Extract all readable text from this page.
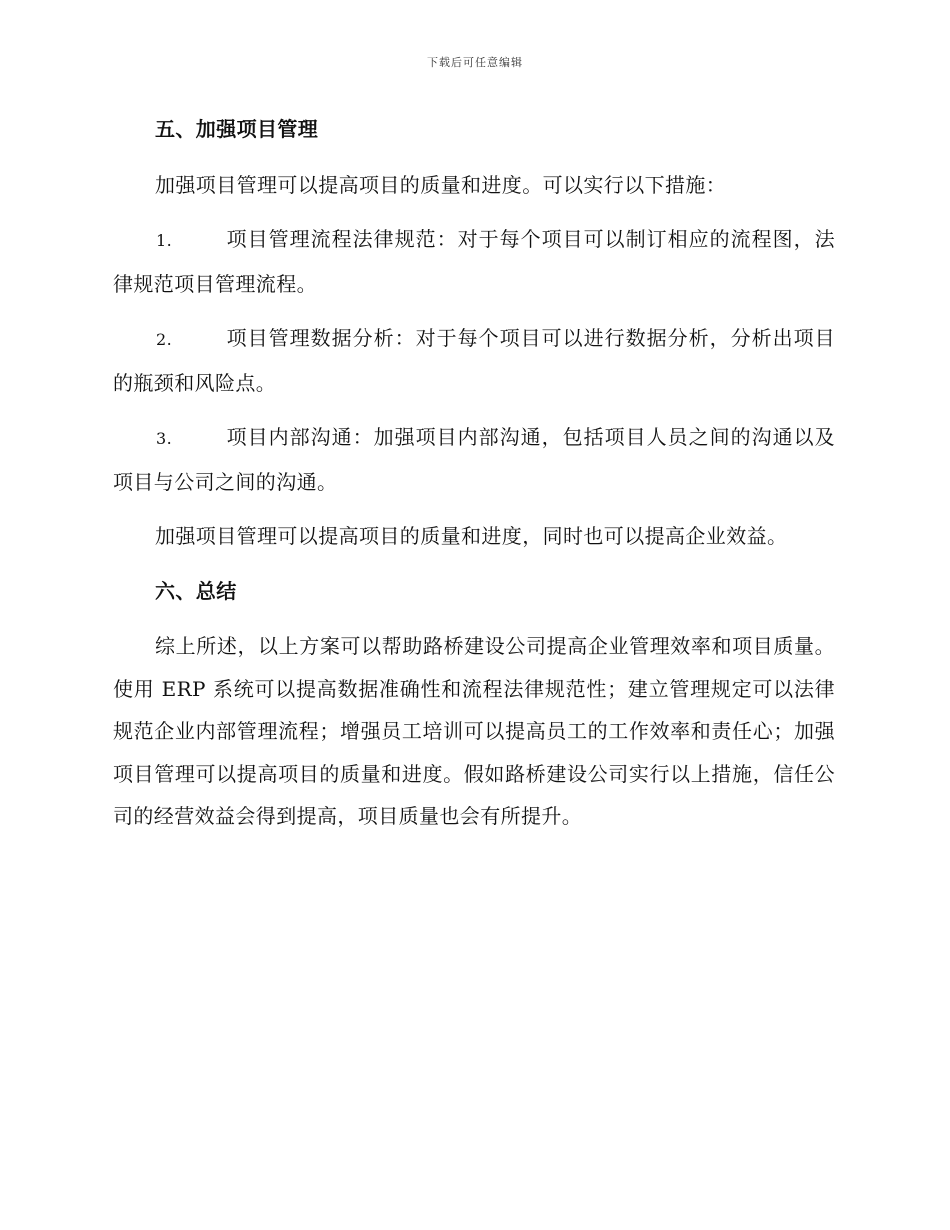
下载后可任意编辑
五、加强项目管理
加强项目管理可以提高项目的质量和进度。可以实行以下措施：
1.	项目管理流程法律规范：对于每个项目可以制订相应的流程图，法律规范项目管理流程。
2.	项目管理数据分析：对于每个项目可以进行数据分析，分析出项目的瓶颈和风险点。
3.	项目内部沟通：加强项目内部沟通，包括项目人员之间的沟通以及项目与公司之间的沟通。
加强项目管理可以提高项目的质量和进度，同时也可以提高企业效益。
六、总结
综上所述，以上方案可以帮助路桥建设公司提高企业管理效率和项目质量。使用 ERP 系统可以提高数据准确性和流程法律规范性；建立管理规定可以法律规范企业内部管理流程；增强员工培训可以提高员工的工作效率和责任心；加强项目管理可以提高项目的质量和进度。假如路桥建设公司实行以上措施，信任公司的经营效益会得到提高，项目质量也会有所提升。
